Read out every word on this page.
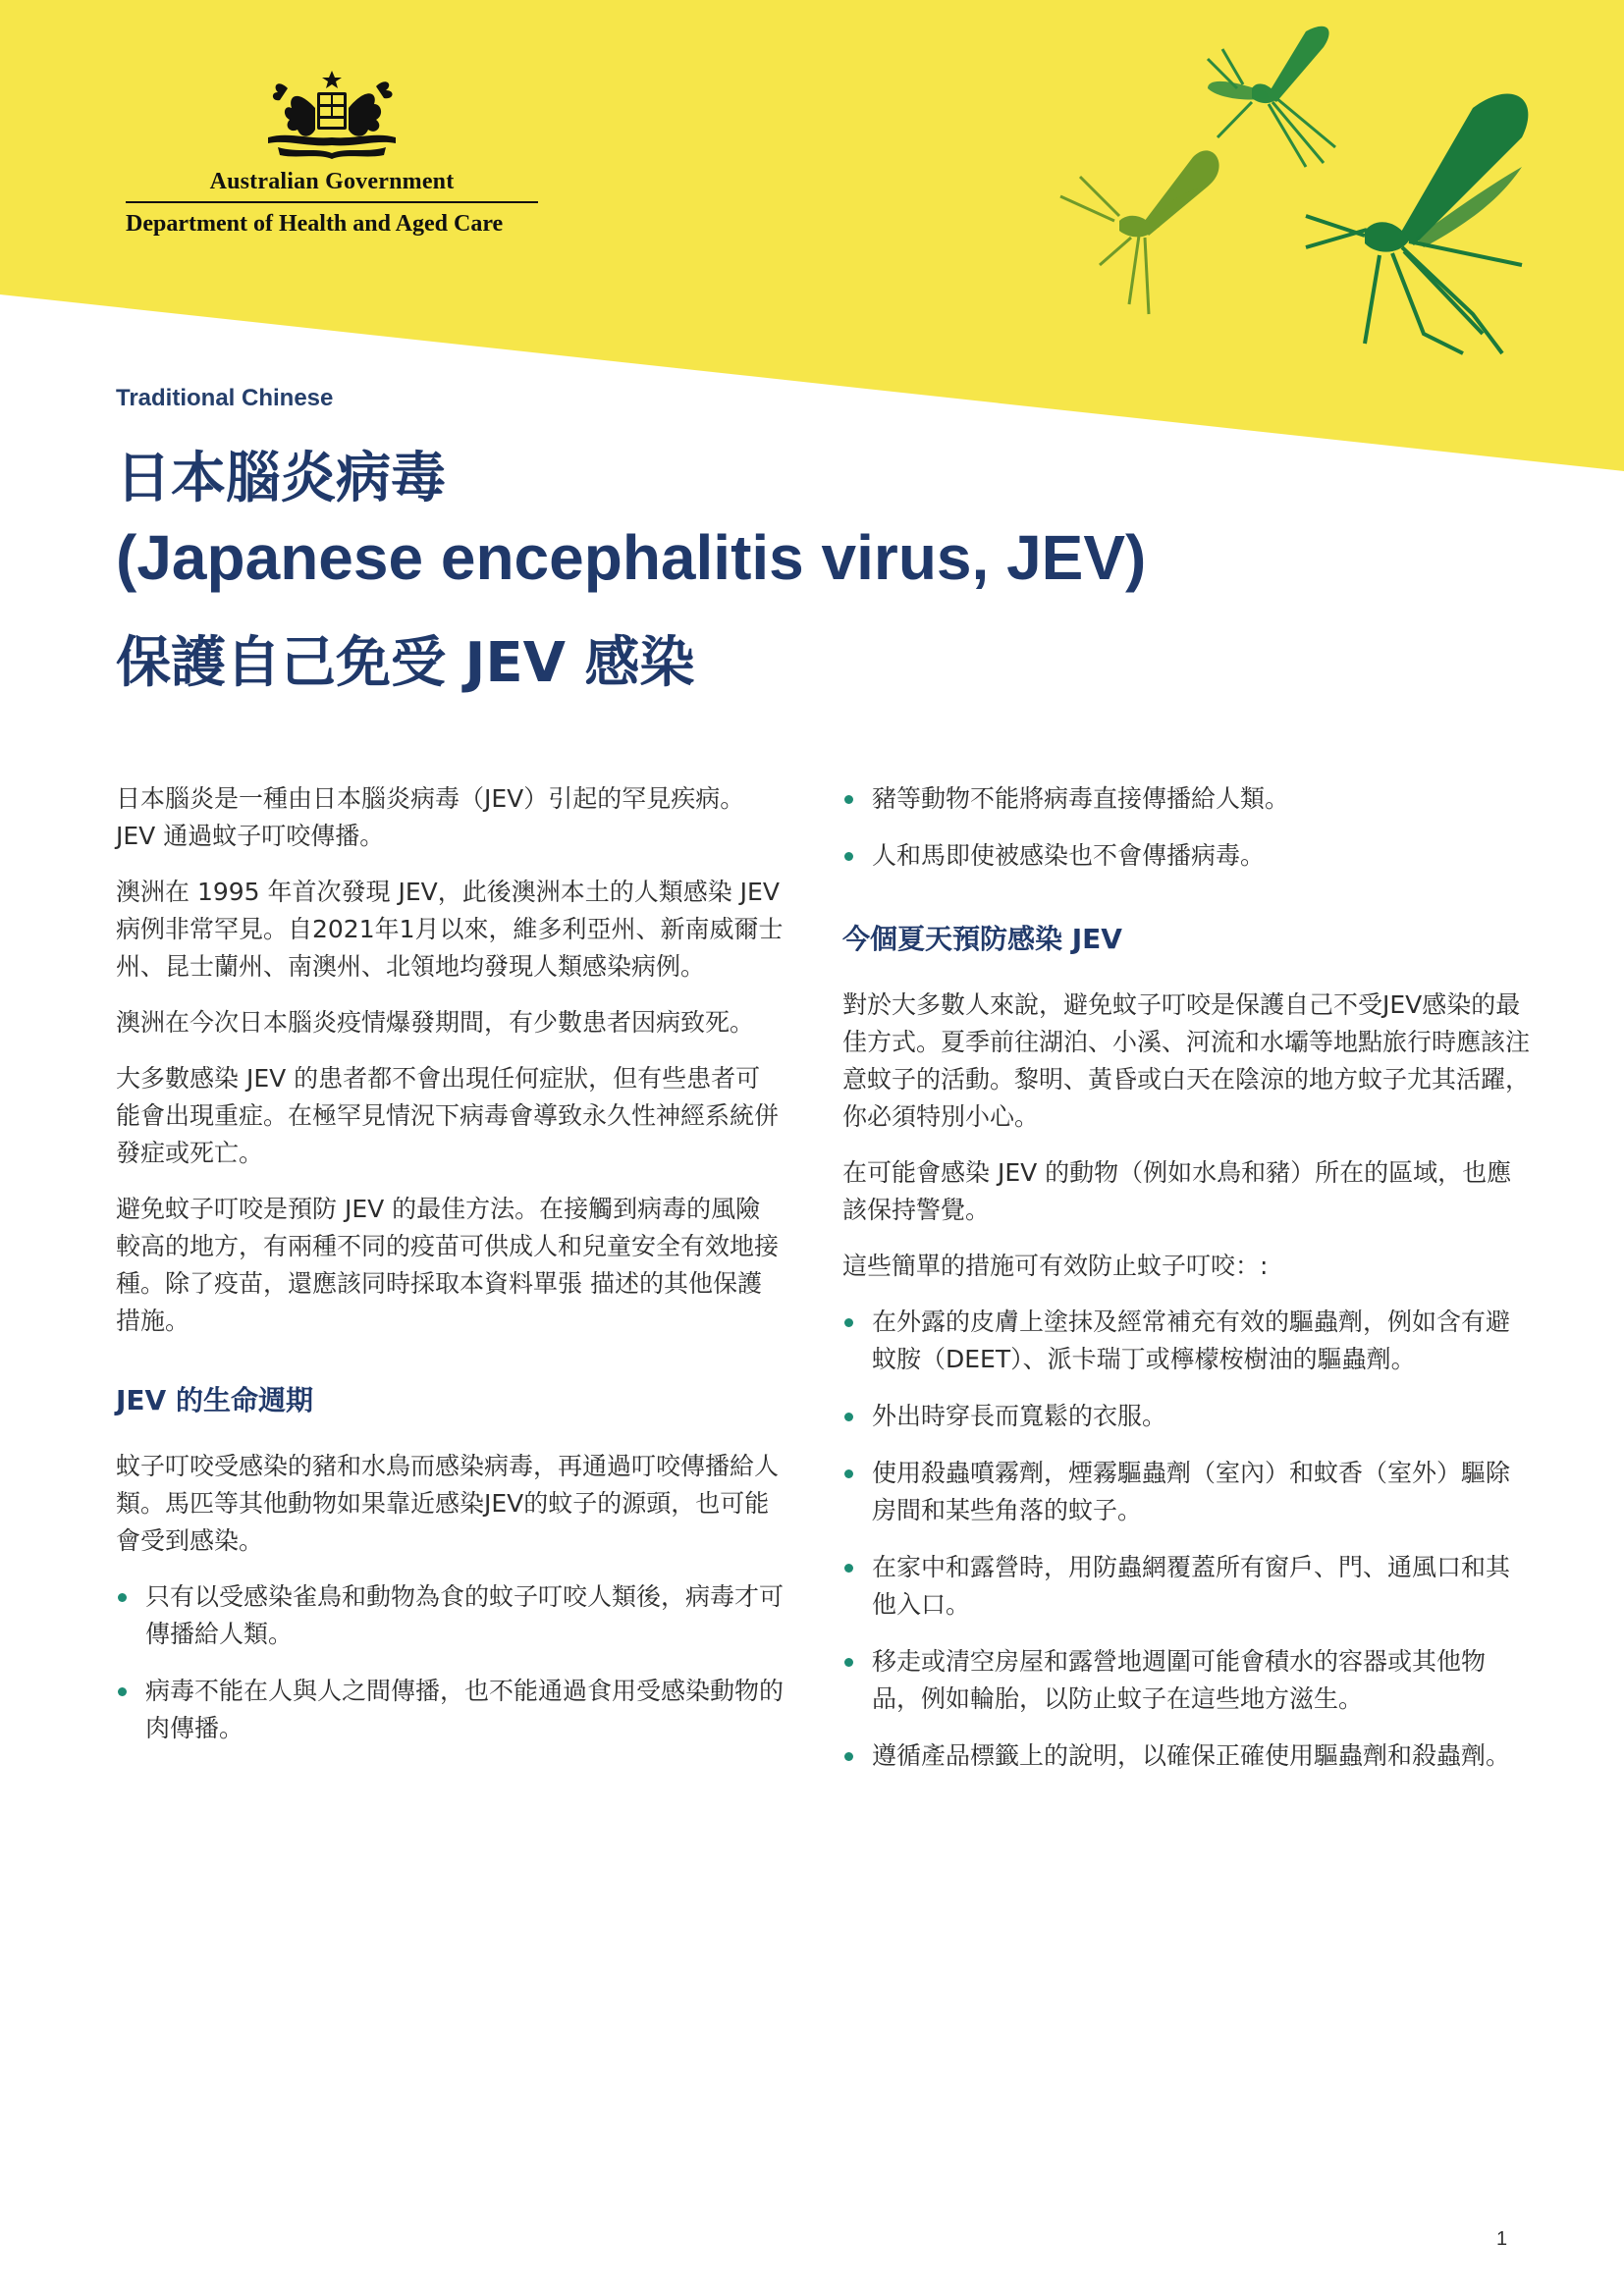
Australian Government
Department of Health and Aged Care
Traditional Chinese
日本腦炎病毒
(Japanese encephalitis virus, JEV)
保護自己免受 JEV 感染

日本腦炎是一種由日本腦炎病毒（JEV）引起的罕見疾病。JEV 通過蚊子叮咬傳播。

澳洲在 1995 年首次發現 JEV，此後澳洲本土的人類感染 JEV 病例非常罕見。自2021年1月以來，維多利亞州、新南威爾士州、昆士蘭州、南澳州、北領地均發現人類感染病例。

澳洲在今次日本腦炎疫情爆發期間，有少數患者因病致死。

大多數感染 JEV 的患者都不會出現任何症狀，但有些患者可能會出現重症。在極罕見情況下病毒會導致永久性神經系統併發症或死亡。

避免蚊子叮咬是預防 JEV 的最佳方法。在接觸到病毒的風險較高的地方，有兩種不同的疫苗可供成人和兒童安全有效地接種。除了疫苗，還應該同時採取本資料單張 描述的其他保護措施。

JEV 的生命週期

蚊子叮咬受感染的豬和水鳥而感染病毒，再通過叮咬傳播給人類。馬匹等其他動物如果靠近感染JEV的蚊子的源頭，也可能會受到感染。

只有以受感染雀鳥和動物為食的蚊子叮咬人類後，病毒才可傳播給人類。
病毒不能在人與人之間傳播，也不能通過食用受感染動物的肉傳播。
豬等動物不能將病毒直接傳播給人類。
人和馬即使被感染也不會傳播病毒。
今個夏天預防感染 JEV

對於大多數人來說，避免蚊子叮咬是保護自己不受JEV感染的最佳方式。夏季前往湖泊、小溪、河流和水壩等地點旅行時應該注意蚊子的活動。黎明、黃昏或白天在陰涼的地方蚊子尤其活躍，你必須特別小心。

在可能會感染 JEV 的動物（例如水鳥和豬）所在的區域，也應該保持警覺。

這些簡單的措施可有效防止蚊子叮咬：:

在外露的皮膚上塗抹及經常補充有效的驅蟲劑，例如含有避蚊胺（DEET）、派卡瑞丁或檸檬桉樹油的驅蟲劑。
外出時穿長而寬鬆的衣服。
使用殺蟲噴霧劑，煙霧驅蟲劑（室內）和蚊香（室外）驅除房間和某些角落的蚊子。
在家中和露營時，用防蟲網覆蓋所有窗戶、門、通風口和其他入口。
移走或清空房屋和露營地週圍可能會積水的容器或其他物品，例如輪胎，以防止蚊子在這些地方滋生。
遵循產品標籤上的說明，以確保正確使用驅蟲劑和殺蟲劑。
1
